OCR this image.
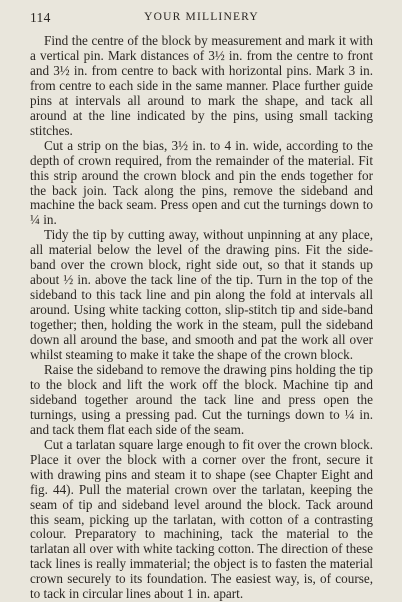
114	YOUR MILLINERY

Find the centre of the block by measurement and mark it with a vertical pin. Mark distances of 3½ in. from the centre to front and 3½ in. from centre to back with horizontal pins. Mark 3 in. from centre to each side in the same manner. Place further guide pins at intervals all around to mark the shape, and tack all around at the line indicated by the pins, using small tacking stitches.

Cut a strip on the bias, 3½ in. to 4 in. wide, according to the depth of crown required, from the remainder of the material. Fit this strip around the crown block and pin the ends together for the back join. Tack along the pins, remove the sideband and machine the back seam. Press open and cut the turnings down to ¼ in.

Tidy the tip by cutting away, without unpinning at any place, all material below the level of the drawing pins. Fit the side-band over the crown block, right side out, so that it stands up about ½ in. above the tack line of the tip. Turn in the top of the sideband to this tack line and pin along the fold at intervals all around. Using white tacking cotton, slip-stitch tip and side-band together; then, holding the work in the steam, pull the sideband down all around the base, and smooth and pat the work all over whilst steaming to make it take the shape of the crown block.

Raise the sideband to remove the drawing pins holding the tip to the block and lift the work off the block. Machine tip and sideband together around the tack line and press open the turnings, using a pressing pad. Cut the turnings down to ¼ in. and tack them flat each side of the seam.

Cut a tarlatan square large enough to fit over the crown block. Place it over the block with a corner over the front, secure it with drawing pins and steam it to shape (see Chapter Eight and fig. 44). Pull the material crown over the tarlatan, keeping the seam of tip and sideband level around the block. Tack around this seam, picking up the tarlatan, with cotton of a contrasting colour. Preparatory to machining, tack the material to the tarlatan all over with white tacking cotton. The direction of these tack lines is really immaterial; the object is to fasten the material crown securely to its foundation. The easiest way, is, of course, to tack in circular lines about 1 in. apart.
